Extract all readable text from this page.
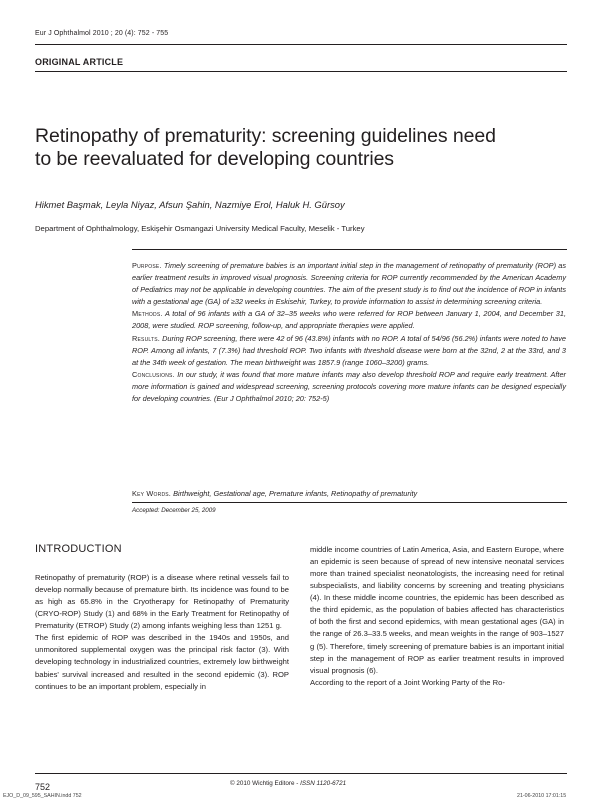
Eur J Ophthalmol 2010 ; 20 (4): 752 - 755
ORIGINAL ARTICLE
Retinopathy of prematurity: screening guidelines need
to be reevaluated for developing countries
Hikmet Başmak, Leyla Niyaz, Afsun Şahin, Nazmiye Erol, Haluk H. Gürsoy
Department of Ophthalmology, Eskişehir Osmangazi University Medical Faculty, Meselik - Turkey

Purpose. Timely screening of premature babies is an important initial step in the management of retinopathy of prematurity (ROP) as earlier treatment results in improved visual prognosis. Screening criteria for ROP currently recommended by the American Academy of Pediatrics may not be applicable in developing countries. The aim of the present study is to find out the incidence of ROP in infants with a gestational age (GA) of ≥32 weeks in Eskisehir, Turkey, to provide information to assist in determining screening criteria.

Methods. A total of 96 infants with a GA of 32–35 weeks who were referred for ROP between January 1, 2004, and December 31, 2008, were studied. ROP screening, follow-up, and appropriate therapies were applied.

Results. During ROP screening, there were 42 of 96 (43.8%) infants with no ROP. A total of 54/96 (56.2%) infants were noted to have ROP. Among all infants, 7 (7.3%) had threshold ROP. Two infants with threshold disease were born at the 32nd, 2 at the 33rd, and 3 at the 34th week of gestation. The mean birthweight was 1857.9 (range 1060–3200) grams.

Conclusions. In our study, it was found that more mature infants may also develop threshold ROP and require early treatment. After more information is gained and widespread screening, screening protocols covering more mature infants can be designed especially for developing countries. (Eur J Ophthalmol 2010; 20: 752-5)

Key Words. Birthweight, Gestational age, Premature infants, Retinopathy of prematurity
Accepted: December 25, 2009
INTRODUCTION

Retinopathy of prematurity (ROP) is a disease where retinal vessels fail to develop normally because of premature birth. Its incidence was found to be as high as 65.8% in the Cryotherapy for Retinopathy of Prematurity (CRYO-ROP) Study (1) and 68% in the Early Treatment for Retinopathy of Prematurity (ETROP) Study (2) among infants weighing less than 1251 g.

The first epidemic of ROP was described in the 1940s and 1950s, and unmonitored supplemental oxygen was the principal risk factor (3). With developing technology in industrialized countries, extremely low birthweight babies' survival increased and resulted in the second epidemic (3). ROP continues to be an important problem, especially in

middle income countries of Latin America, Asia, and Eastern Europe, where an epidemic is seen because of spread of new intensive neonatal services more than trained specialist neonatologists, the increasing need for retinal subspecialists, and liability concerns by screening and treating physicians (4). In these middle income countries, the epidemic has been described as the third epidemic, as the population of babies affected has characteristics of both the first and second epidemics, with mean gestational ages (GA) in the range of 26.3–33.5 weeks, and mean weights in the range of 903–1527 g (5). Therefore, timely screening of premature babies is an important initial step in the management of ROP as earlier treatment results in improved visual prognosis (6).

According to the report of a Joint Working Party of the Ro-

752	© 2010 Wichtig Editore - ISSN 1120-6721
EJO_D_09_595_SAHIN.indd 752	21-06-2010 17:01:15
